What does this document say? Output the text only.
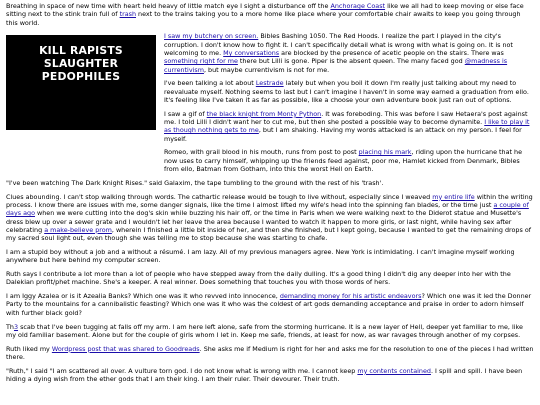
Breathing in space of new time with heart held heavy of little match eye I sight a disturbance off the Anchorage Coast like we all had to keep moving or else face sitting next to the stink train full of trash next to the trains taking you to a more home like place where your comfortable chair awaits to keep you going through this world.

KILL RAPISTS
SLAUGHTER PEDOPHILES

I saw my butchery on screen. Bibles Bashing 1050. The Red Hoods. I realize the part I played in the city's corruption. I don't know how to fight it. I can't specifically detail what is wrong with what is going on. It is not welcoming to me. My conversations are blocked by the presence of acetic people on the stairs. There was something right for me there but Lilli is gone. Piper is the absent queen. The many faced god @madness is currentivism, but maybe currentivism is not for me.

I've been talking a lot about Lestrade lately but when you boil it down I'm really just talking about my need to reevaluate myself. Nothing seems to last but I can't imagine I haven't in some way earned a graduation from ello. It's feeling like I've taken it as far as possible, like a choose your own adventure book just ran out of options.

I saw a gif of the black knight from Monty Python. It was foreboding. This was before I saw Hetaera's post against me. I told Lilli I didn't want her to cut me, but then she posted a possible way to become dynamite. I like to play it as though nothing gets to me, but I am shaking. Having my words attacked is an attack on my person. I feel for myself.

Romeo, with grail blood in his mouth, runs from post to post placing his mark, riding upon the hurricane that he now uses to carry himself, whipping up the friends feed against, poor me, Hamlet kicked from Denmark, Bibles from ello, Batman from Gotham, into this the worst Hell on Earth.

"I've been watching The Dark Knight Rises." said Galaxim, the tape tumbling to the ground with the rest of his 'trash'.

Clues abounding. I can't stop walking through words. The cathartic release would be tough to live without, especially since I weaved my entire life within the writing process. I know there are issues with me, some danger signals, like the time I almost lifted my wife's head into the spinning fan blades, or the time just a couple of days ago when we were cutting into the dog's skin while buzzing his hair off, or the time in Paris when we were walking next to the Diderot statue and Musette's dress blew up over a sewer grate and I wouldn't let her leave the area because I wanted to watch it happen to more girls, or last night, while having sex after celebrating a make-believe prom, wherein I finished a little bit inside of her, and then she finished, but I kept going, because I wanted to get the remaining drops of my sacred soul light out, even though she was telling me to stop because she was starting to chafe.

I am a stupid boy without a job and a without a résumé. I am lazy. All of my previous managers agree. New York is intimidating. I can't imagine myself working anywhere but here behind my computer screen.

Ruth says I contribute a lot more than a lot of people who have stepped away from the daily dulling. It's a good thing I didn't dig any deeper into her with the Dalekian profit/phet machine. She's a keeper. A real winner. Does something that touches you with those words of hers.

I am Iggy Azalea or is it Azealia Banks? Which one was it who revved into innocence, demanding money for his artistic endeavors? Which one was it led the Donner Party to the mountains for a cannibalistic feasting? Which one was it who was the coldest of art gods demanding acceptance and praise in order to adorn himself with further black gold?

Th3 scab that I've been tugging at falls off my arm. I am here left alone, safe from the storming hurricane. It is a new layer of Hell, deeper yet familiar to me, like my old familiar basement. Alone but for the couple of girls whom I let in. Keep me safe, friends, at least for now, as war ravages through another of my corpses.

Ruth liked my Wordpress post that was shared to Goodreads. She asks me if Medium is right for her and asks me for the resolution to one of the pieces I had written there.

"Ruth," I said "I am scattered all over. A vulture torn god. I do not know what is wrong with me. I cannot keep my contents contained. I spill and spill. I have been hiding a dying wish from the ether gods that I am their king. I am their ruler. Their devourer. Their truth.
